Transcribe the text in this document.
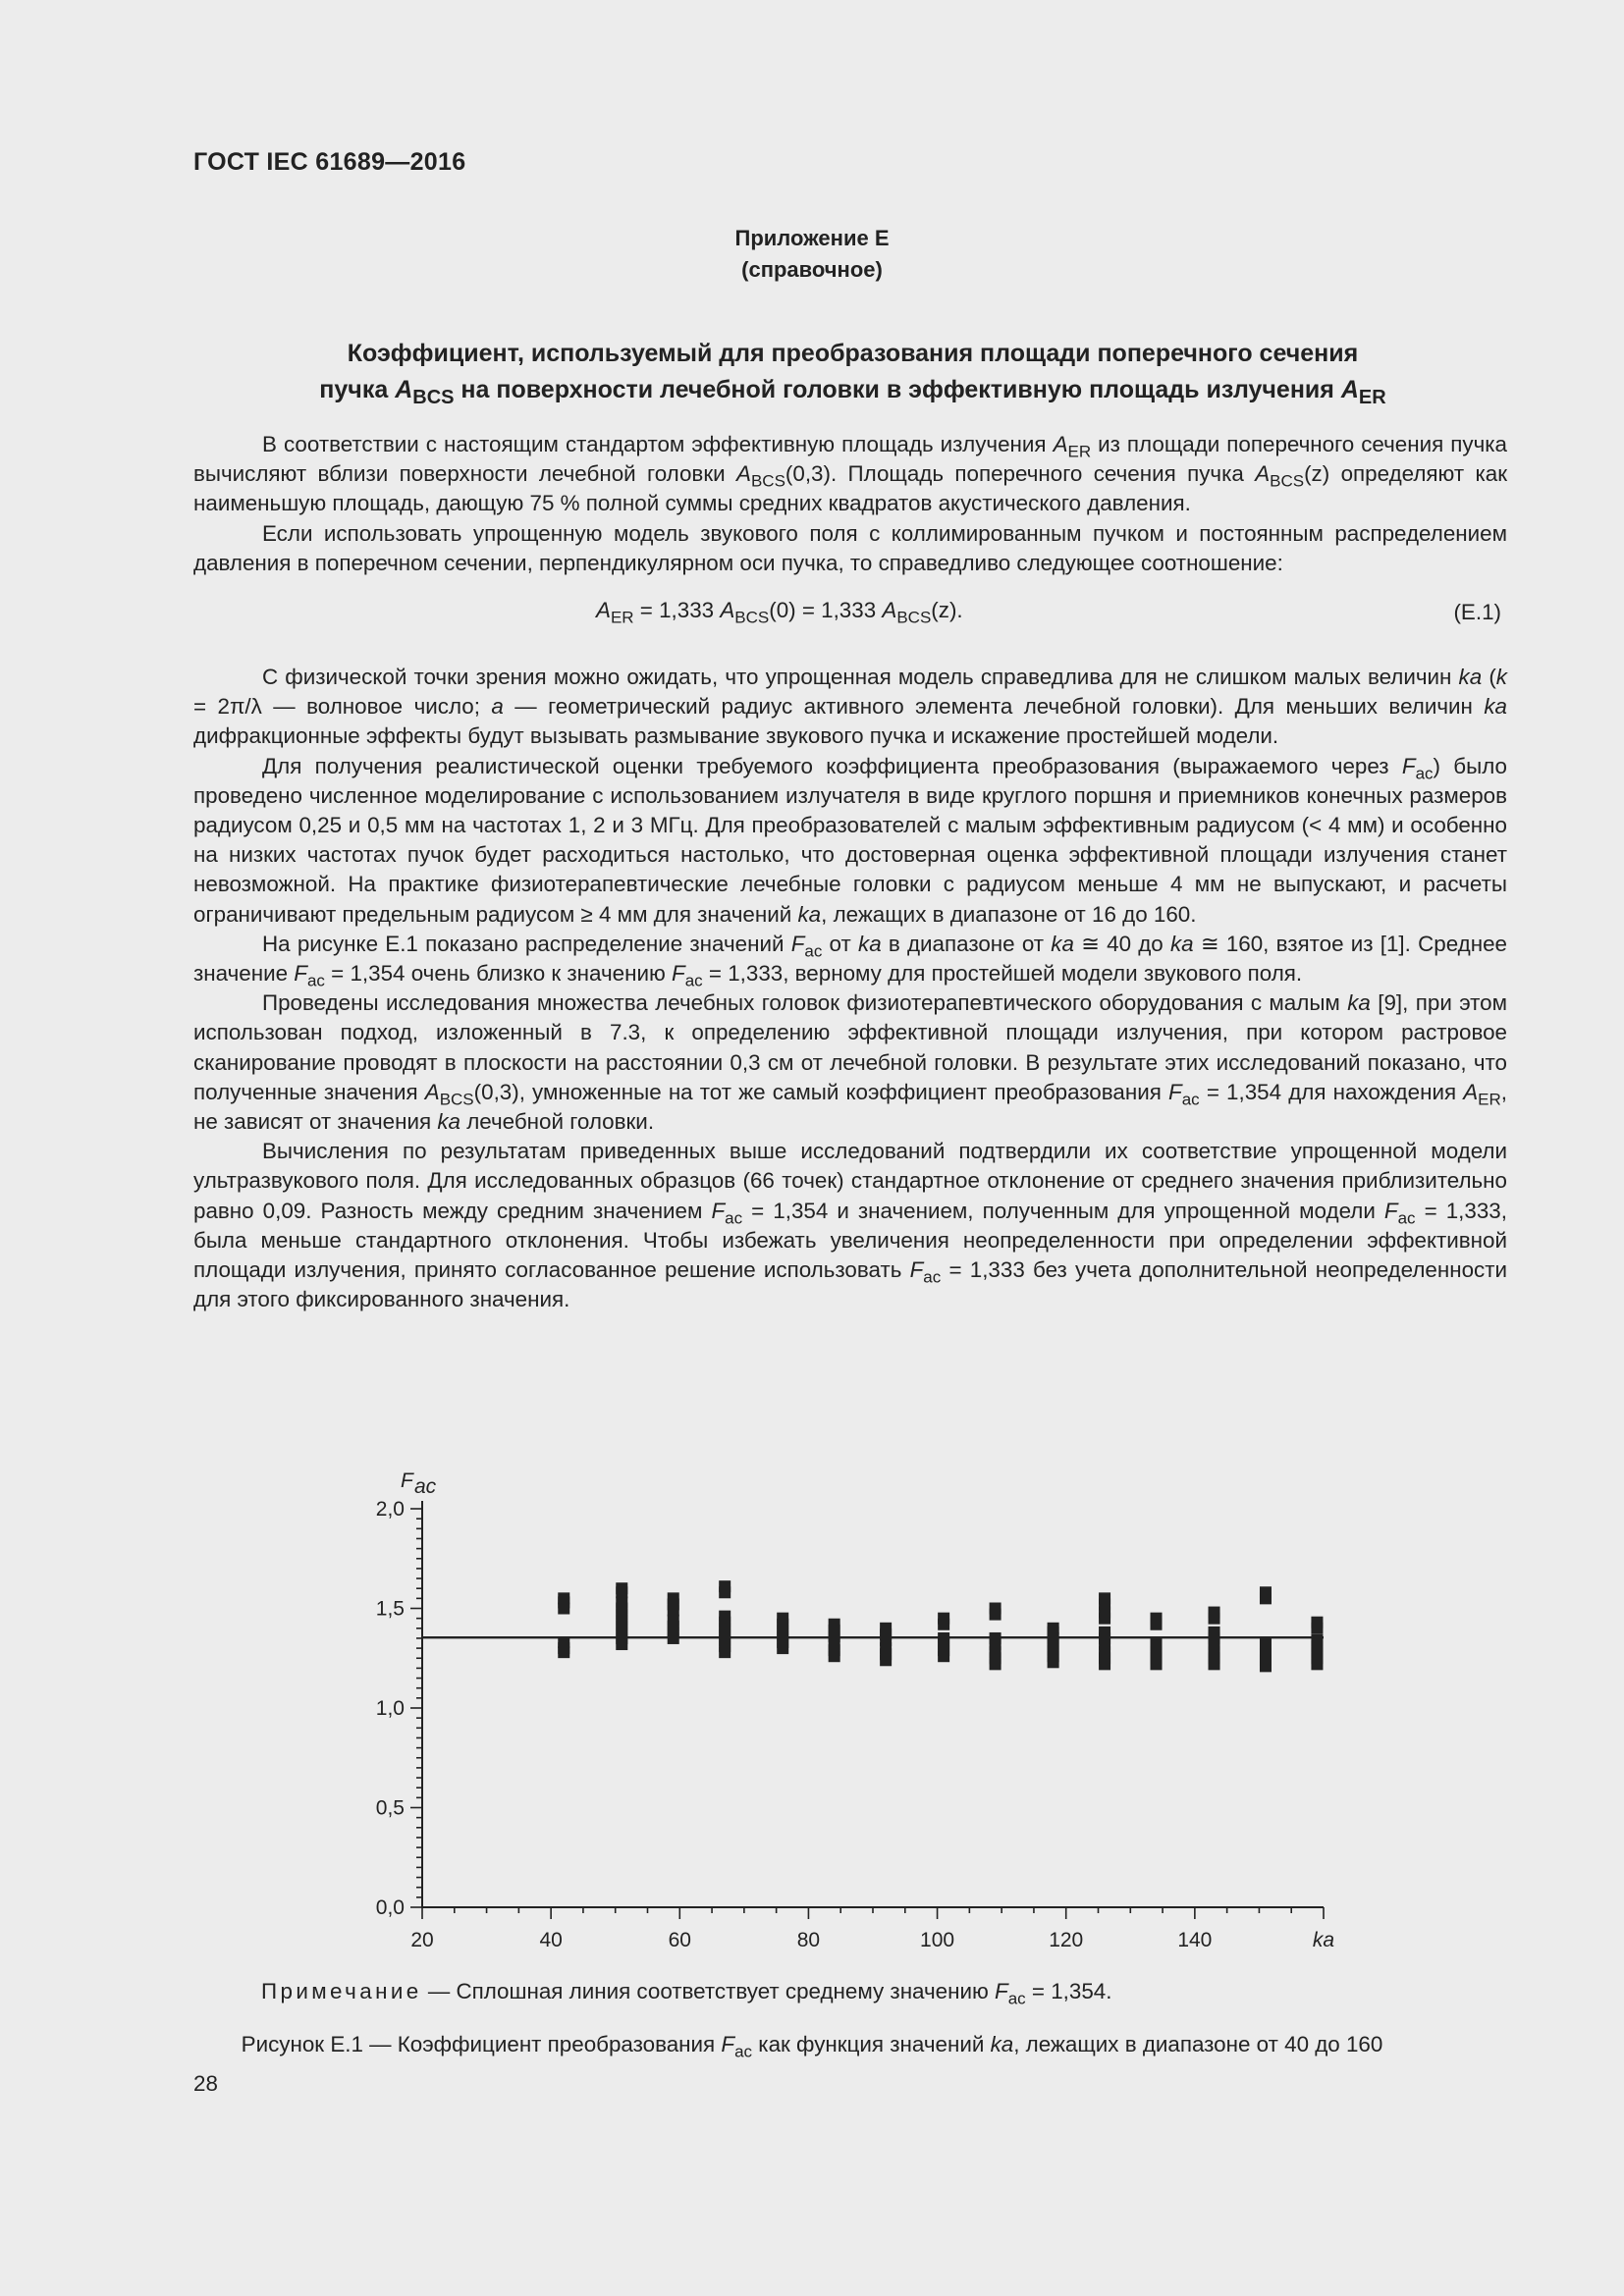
ГОСТ IEC 61689—2016
Приложение Е
(справочное)
Коэффициент, используемый для преобразования площади поперечного сечения
пучка $A_{BCS}$ на поверхности лечебной головки в эффективную площадь излучения $A_{ER}$

В соответствии с настоящим стандартом эффективную площадь излучения $A_{ER}$ из площади поперечного сечения пучка вычисляют вблизи поверхности лечебной головки $A_{BCS}(0,3)$. Площадь поперечного сечения пучка $A_{BCS}(z)$ определяют как наименьшую площадь, дающую 75 % полной суммы средних квадратов акустического давления.

Если использовать упрощенную модель звукового поля с коллимированным пучком и постоянным распределением давления в поперечном сечении, перпендикулярном оси пучка, то справедливо следующее соотношение:

$A_{ER} = 1,333$ $A_{BCS}(0) = 1,333$ $A_{BCS}(z)$.	(Е.1)

С физической точки зрения можно ожидать, что упрощенная модель справедлива для не слишком малых величин ka (k = 2π/λ — волновое число; a — геометрический радиус активного элемента лечебной головки). Для меньших величин ka дифракционные эффекты будут вызывать размывание звукового пучка и искажение простейшей модели.

Для получения реалистической оценки требуемого коэффициента преобразования (выражаемого через $F_{ac}$) было проведено численное моделирование с использованием излучателя в виде круглого поршня и приемников конечных размеров радиусом 0,25 и 0,5 мм на частотах 1, 2 и 3 МГц. Для преобразователей с малым эффективным радиусом (< 4 мм) и особенно на низких частотах пучок будет расходиться настолько, что достоверная оценка эффективной площади излучения станет невозможной. На практике физиотерапевтические лечебные головки с радиусом меньше 4 мм не выпускают, и расчеты ограничивают предельным радиусом ≥ 4 мм для значений ka, лежащих в диапазоне от 16 до 160.

На рисунке Е.1 показано распределение значений $F_{ac}$ от ka в диапазоне от ka ≅ 40 до ka ≅ 160, взятое из [1]. Среднее значение $F_{ac} = 1,354$ очень близко к значению $F_{ac} = 1,333$, верному для простейшей модели звукового поля.

Проведены исследования множества лечебных головок физиотерапевтического оборудования с малым ka [9], при этом использован подход, изложенный в 7.3, к определению эффективной площади излучения, при котором растровое сканирование проводят в плоскости на расстоянии 0,3 см от лечебной головки. В результате этих исследований показано, что полученные значения $A_{BCS}(0,3)$, умноженные на тот же самый коэффициент преобразования $F_{ac} = 1,354$ для нахождения $A_{ER}$, не зависят от значения ka лечебной головки.

Вычисления по результатам приведенных выше исследований подтвердили их соответствие упрощенной модели ультразвукового поля. Для исследованных образцов (66 точек) стандартное отклонение от среднего значения приблизительно равно 0,09. Разность между средним значением $F_{ac} = 1,354$ и значением, полученным для упрощенной модели $F_{ac} = 1,333$, была меньше стандартного отклонения. Чтобы избежать увеличения неопределенности при определении эффективной площади излучения, принято согласованное решение использовать $F_{ac} = 1,333$ без учета дополнительной неопределенности для этого фиксированного значения.

0,0
0,5
1,0
1,5
2,0
20	40	60	80	100	120	140	ka
F ac
Примечание — Сплошная линия соответствует среднему значению $F_{ac} = 1,354$.
Рисунок Е.1 — Коэффициент преобразования $F_{ac}$ как функция значений ka, лежащих в диапазоне от 40 до 160
28
